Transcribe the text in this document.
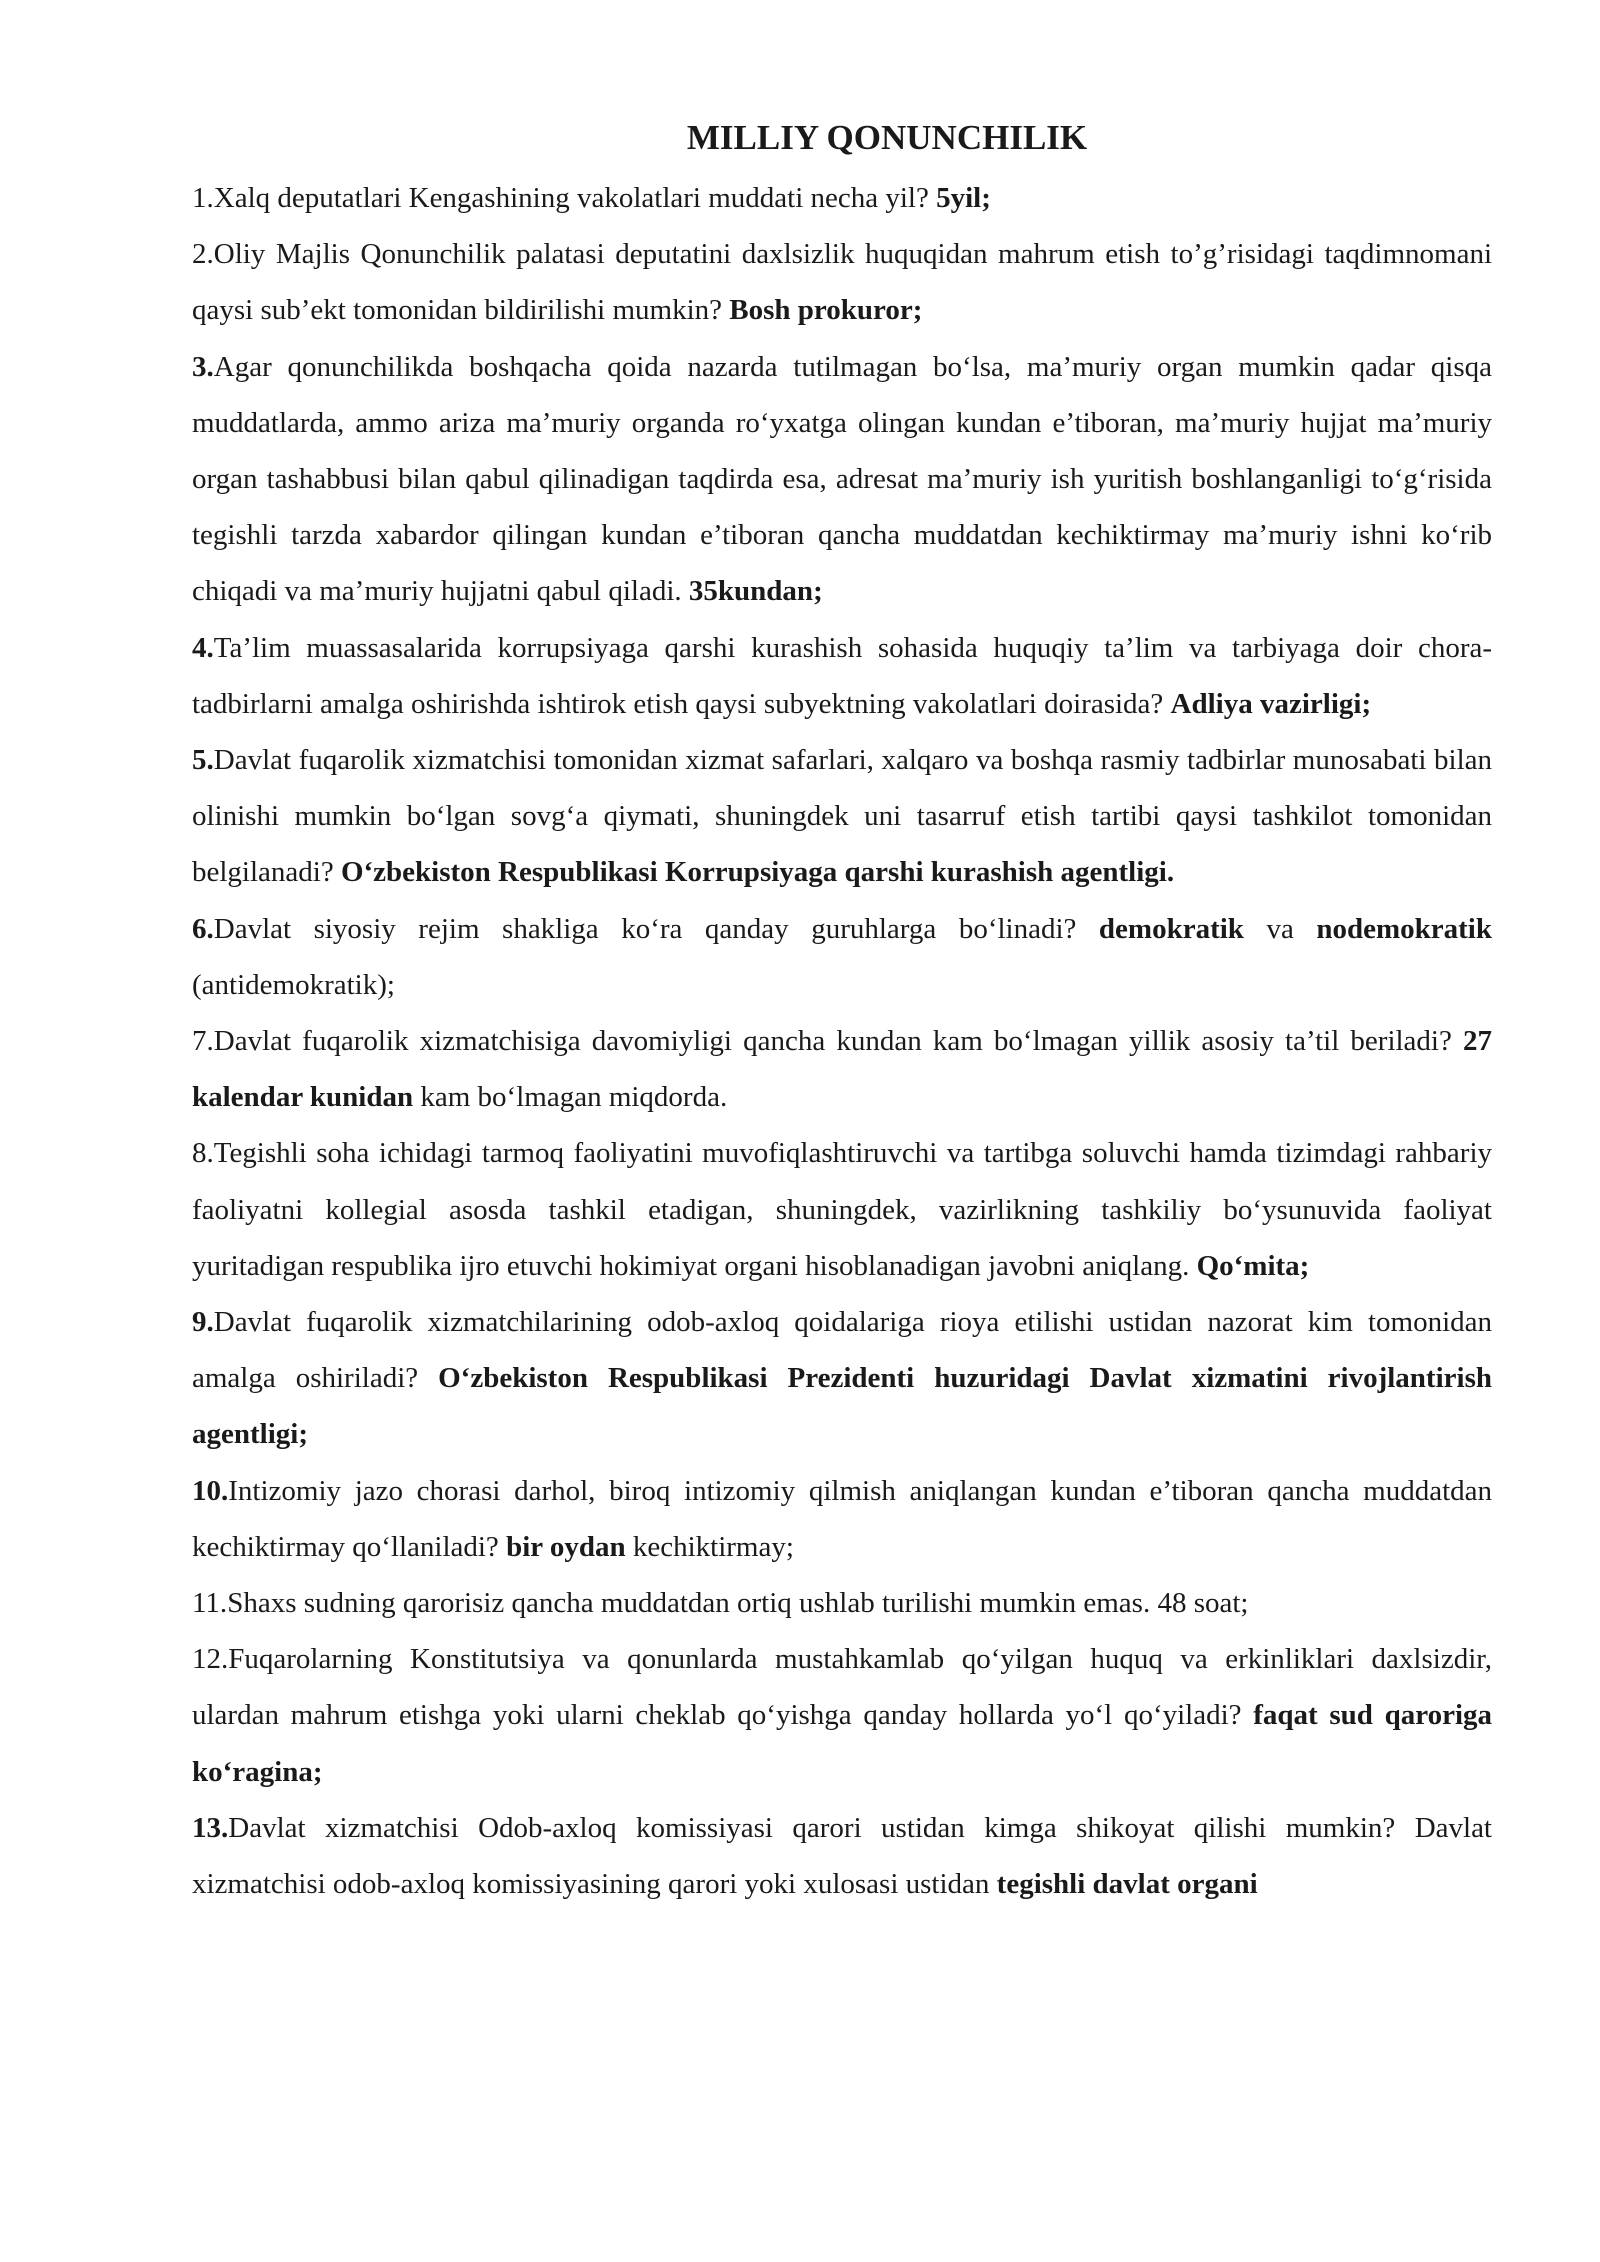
MILLIY QONUNCHILIK

1.Xalq deputatlari Kengashining vakolatlari muddati necha yil? 5yil;

2.Oliy Majlis Qonunchilik palatasi deputatini daxlsizlik huquqidan mahrum etish to’g’risidagi taqdimnomani qaysi sub’ekt tomonidan bildirilishi mumkin? Bosh prokuror;

3.Agar qonunchilikda boshqacha qoida nazarda tutilmagan bo‘lsa, ma’muriy organ mumkin qadar qisqa muddatlarda, ammo ariza ma’muriy organda ro‘yxatga olingan kundan e’tiboran, ma’muriy hujjat ma’muriy organ tashabbusi bilan qabul qilinadigan taqdirda esa, adresat ma’muriy ish yuritish boshlanganligi to‘g‘risida tegishli tarzda xabardor qilingan kundan e’tiboran qancha muddatdan kechiktirmay ma’muriy ishni ko‘rib chiqadi va ma’muriy hujjatni qabul qiladi. 35kundan;

4.Ta’lim muassasalarida korrupsiyaga qarshi kurashish sohasida huquqiy ta’lim va tarbiyaga doir chora-tadbirlarni amalga oshirishda ishtirok etish qaysi subyektning vakolatlari doirasida? Adliya vazirligi;

5.Davlat fuqarolik xizmatchisi tomonidan xizmat safarlari, xalqaro va boshqa rasmiy tadbirlar munosabati bilan olinishi mumkin bo‘lgan sovg‘a qiymati, shuningdek uni tasarruf etish tartibi qaysi tashkilot tomonidan belgilanadi? O‘zbekiston Respublikasi Korrupsiyaga qarshi kurashish agentligi.

6.Davlat siyosiy rejim shakliga ko‘ra qanday guruhlarga bo‘linadi? demokratik va nodemokratik (antidemokratik);

7.Davlat fuqarolik xizmatchisiga davomiyligi qancha kundan kam bo‘lmagan yillik asosiy ta’til beriladi? 27 kalendar kunidan kam bo‘lmagan miqdorda.

8.Tegishli soha ichidagi tarmoq faoliyatini muvofiqlashtiruvchi va tartibga soluvchi hamda tizimdagi rahbariy faoliyatni kollegial asosda tashkil etadigan, shuningdek, vazirlikning tashkiliy bo‘ysunuvida faoliyat yuritadigan respublika ijro etuvchi hokimiyat organi hisoblanadigan javobni aniqlang. Qo‘mita;

9.Davlat fuqarolik xizmatchilarining odob-axloq qoidalariga rioya etilishi ustidan nazorat kim tomonidan amalga oshiriladi? O‘zbekiston Respublikasi Prezidenti huzuridagi Davlat xizmatini rivojlantirish agentligi;

10.Intizomiy jazo chorasi darhol, biroq intizomiy qilmish aniqlangan kundan e’tiboran qancha muddatdan kechiktirmay qo‘llaniladi? bir oydan kechiktirmay;

11.Shaxs sudning qarorisiz qancha muddatdan ortiq ushlab turilishi mumkin emas. 48 soat;

12.Fuqarolarning Konstitutsiya va qonunlarda mustahkamlab qo‘yilgan huquq va erkinliklari daxlsizdir, ulardan mahrum etishga yoki ularni cheklab qo‘yishga qanday hollarda yo‘l qo‘yiladi? faqat sud qaroriga ko‘ragina;

13.Davlat xizmatchisi Odob-axloq komissiyasi qarori ustidan kimga shikoyat qilishi mumkin? Davlat xizmatchisi odob-axloq komissiyasining qarori yoki xulosasi ustidan tegishli davlat organi
